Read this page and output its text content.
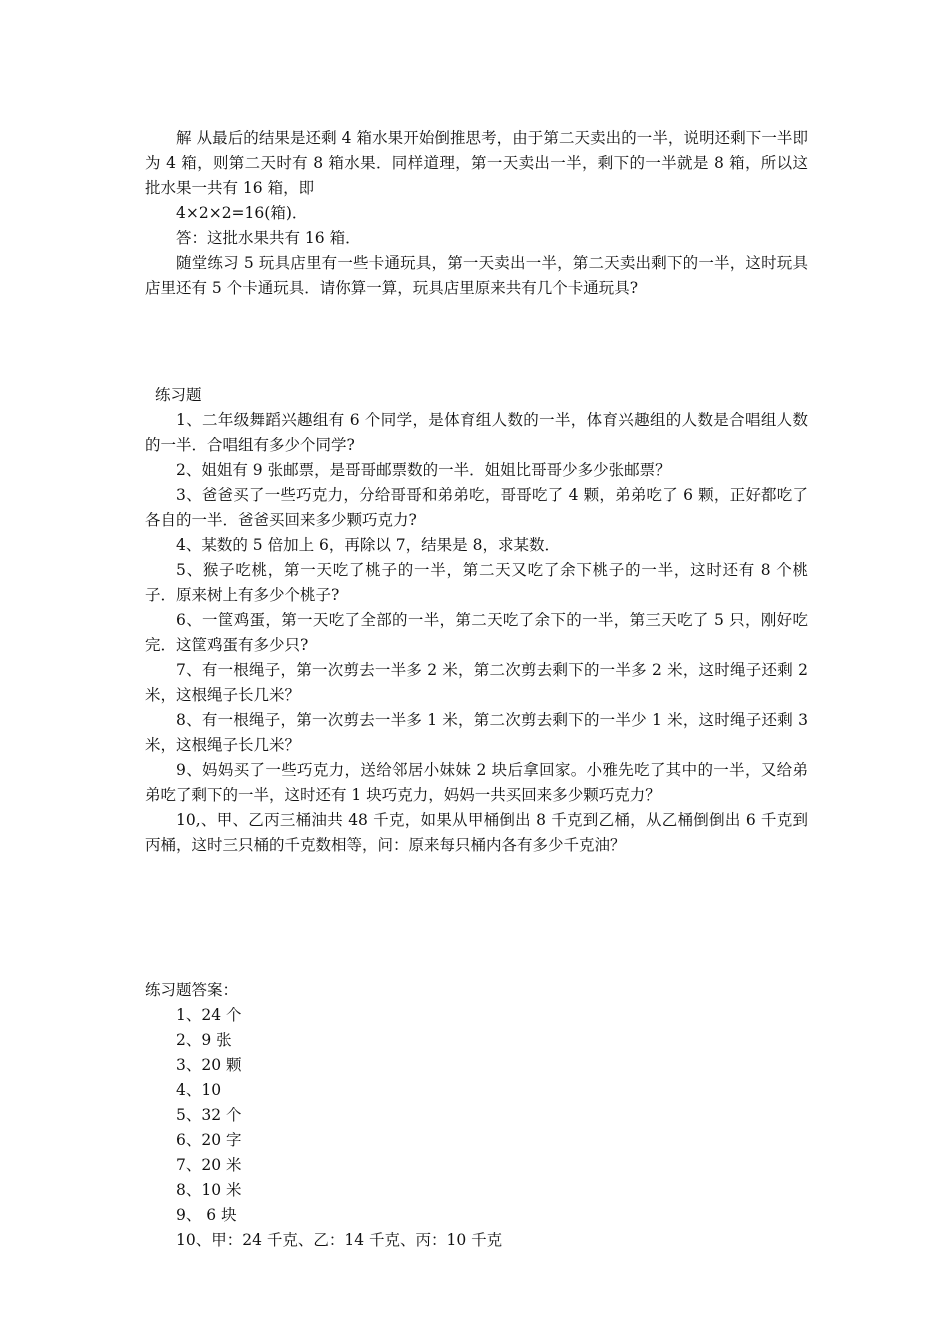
解 从最后的结果是还剩 4 箱水果开始倒推思考，由于第二天卖出的一半，说明还剩下一半即为 4 箱，则第二天时有 8 箱水果．同样道理，第一天卖出一半，剩下的一半就是 8 箱，所以这批水果一共有 16 箱，即

4×2×2=16(箱)．

答：这批水果共有 16 箱．

随堂练习 5 玩具店里有一些卡通玩具，第一天卖出一半，第二天卖出剩下的一半，这时玩具店里还有 5 个卡通玩具．请你算一算，玩具店里原来共有几个卡通玩具?

练习题

1、二年级舞蹈兴趣组有 6 个同学，是体育组人数的一半，体育兴趣组的人数是合唱组人数的一半．合唱组有多少个同学?

2、姐姐有 9 张邮票，是哥哥邮票数的一半．姐姐比哥哥少多少张邮票？

3、爸爸买了一些巧克力，分给哥哥和弟弟吃，哥哥吃了 4 颗，弟弟吃了 6 颗，正好都吃了各自的一半．爸爸买回来多少颗巧克力?

4、某数的 5 倍加上 6，再除以 7，结果是 8，求某数．

5、猴子吃桃，第一天吃了桃子的一半，第二天又吃了余下桃子的一半，这时还有 8 个桃子．原来树上有多少个桃子?

6、一筐鸡蛋，第一天吃了全部的一半，第二天吃了余下的一半，第三天吃了 5 只，刚好吃完．这筐鸡蛋有多少只?

7、有一根绳子，第一次剪去一半多 2 米，第二次剪去剩下的一半多 2 米，这时绳子还剩 2 米，这根绳子长几米？

8、有一根绳子，第一次剪去一半多 1 米，第二次剪去剩下的一半少 1 米，这时绳子还剩 3 米，这根绳子长几米？

9、妈妈买了一些巧克力，送给邻居小妹妹 2 块后拿回家。小雅先吃了其中的一半，又给弟弟吃了剩下的一半，这时还有 1 块巧克力，妈妈一共买回来多少颗巧克力？

10,、甲、乙丙三桶油共 48 千克，如果从甲桶倒出 8 千克到乙桶，从乙桶倒倒出 6 千克到丙桶，这时三只桶的千克数相等，问：原来每只桶内各有多少千克油？

练习题答案：

1、24 个

2、9 张

3、20 颗

4、10

5、32 个

6、20 字

7、20 米

8、10 米

9、 6 块

10、甲：24 千克、乙：14 千克、丙：10 千克
